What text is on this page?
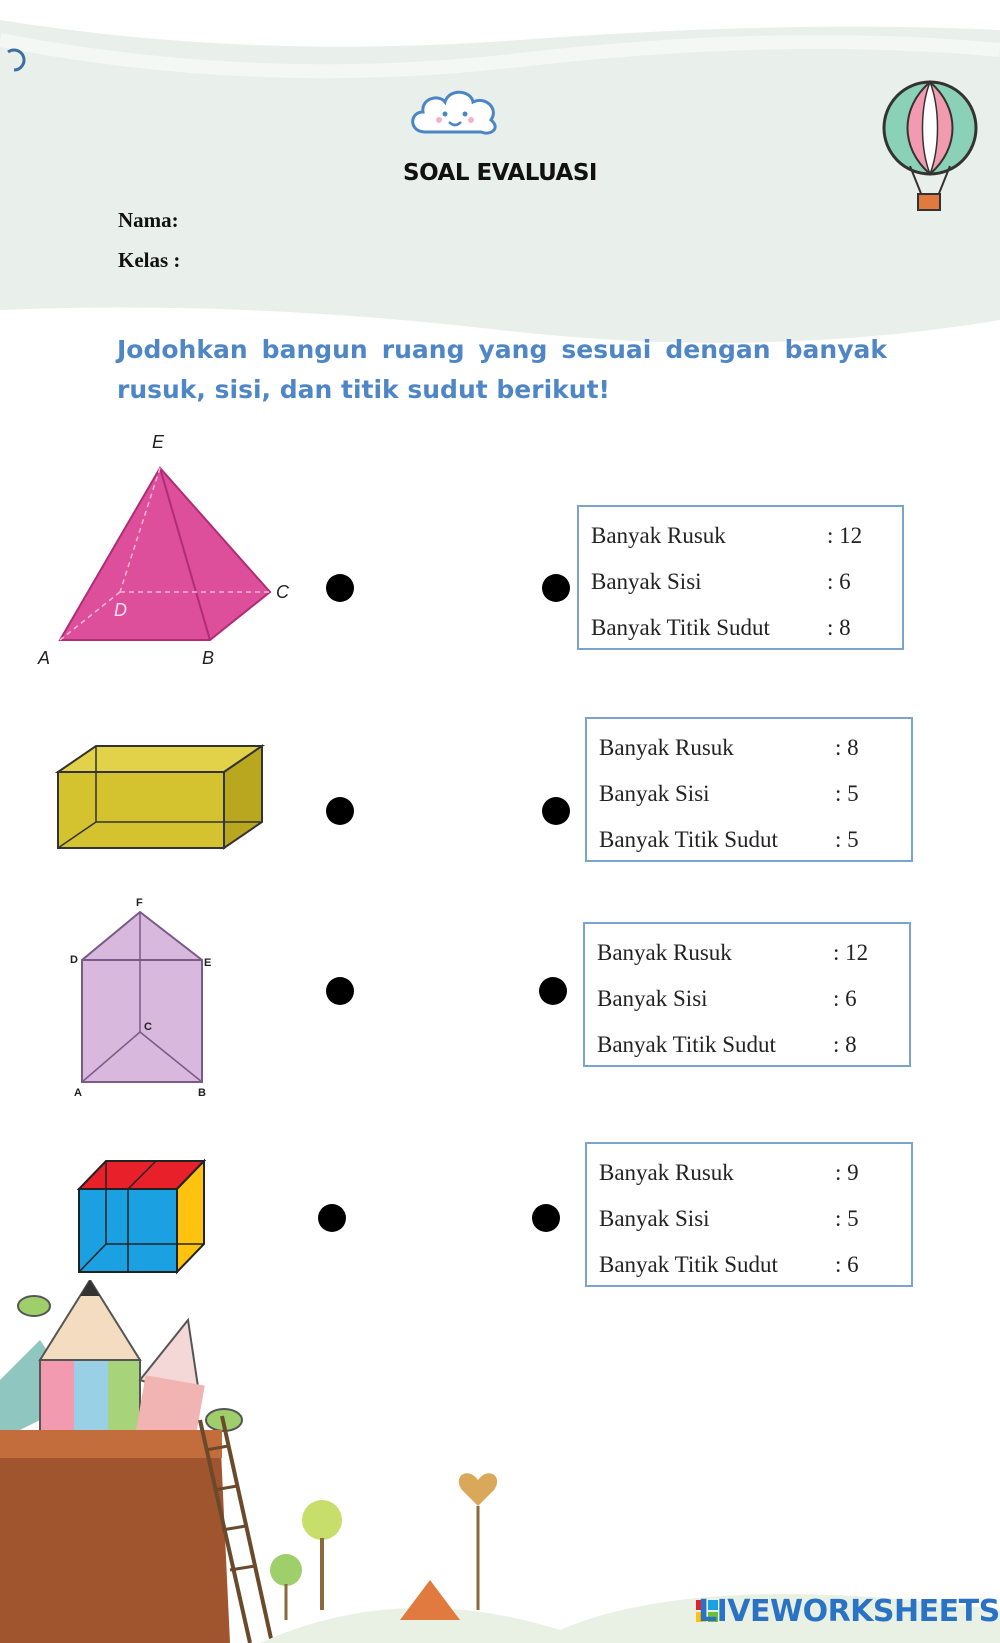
SOAL EVALUASI
Nama:
Kelas :
Jodohkan bangun ruang yang sesuai dengan banyak rusuk, sisi, dan titik sudut berikut!
E
D
C
A	B
F
D	E
C
A	B
Banyak Rusuk	: 12
Banyak Sisi	: 6
Banyak Titik Sudut	: 8
Banyak Rusuk	: 8
Banyak Sisi	: 5
Banyak Titik Sudut	: 5
Banyak Rusuk	: 12
Banyak Sisi	: 6
Banyak Titik Sudut	: 8
Banyak Rusuk	: 9
Banyak Sisi	: 5
Banyak Titik Sudut	: 6
LIVEWORKSHEETS
